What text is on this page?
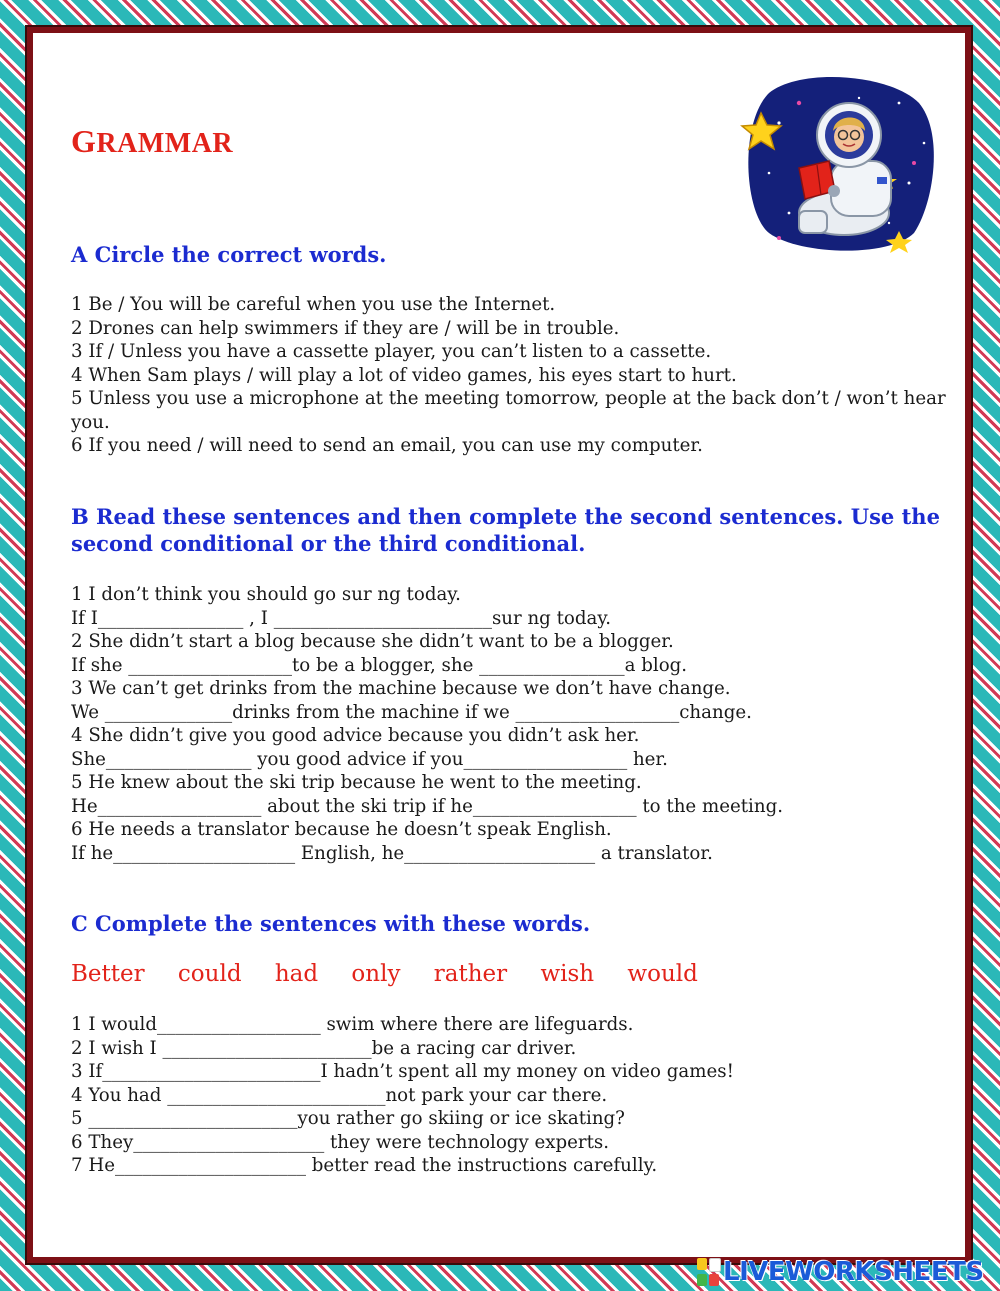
GRAMMAR
A Circle the correct words.
1 Be / You will be careful when you use the Internet.
2 Drones can help swimmers if they are / will be in trouble.
3 If / Unless you have a cassette player, you can’t listen to a cassette.
4 When Sam plays / will play a lot of video games, his eyes start to hurt.
5 Unless you use a microphone at the meeting tomorrow, people at the back don’t / won’t hear you.
6 If you need / will need to send an email, you can use my computer.
B Read these sentences and then complete the second sentences. Use the second conditional or the third conditional.
1 I don’t think you should go sur ng today.
If I________________ , I ________________________sur ng today.
2 She didn’t start a blog because she didn’t want to be a blogger.
If she __________________to be a blogger, she ________________a blog.
3 We can’t get drinks from the machine because we don’t have change.
We ______________drinks from the machine if we __________________change.
4 She didn’t give you good advice because you didn’t ask her.
She________________ you good advice if you__________________ her.
5 He knew about the ski trip because he went to the meeting.
He__________________ about the ski trip if he__________________ to the meeting.
6 He needs a translator because he doesn’t speak English.
If he____________________ English, he_____________________ a translator.
C Complete the sentences with these words.
Better could had only rather wish would
1 I would__________________ swim where there are lifeguards.
2 I wish I _______________________be a racing car driver.
3 If________________________I hadn’t spent all my money on video games!
4 You had ________________________not park your car there.
5 _______________________you rather go skiing or ice skating?
6 They_____________________ they were technology experts.
7 He_____________________ better read the instructions carefully.
LIVEWORKSHEETS
